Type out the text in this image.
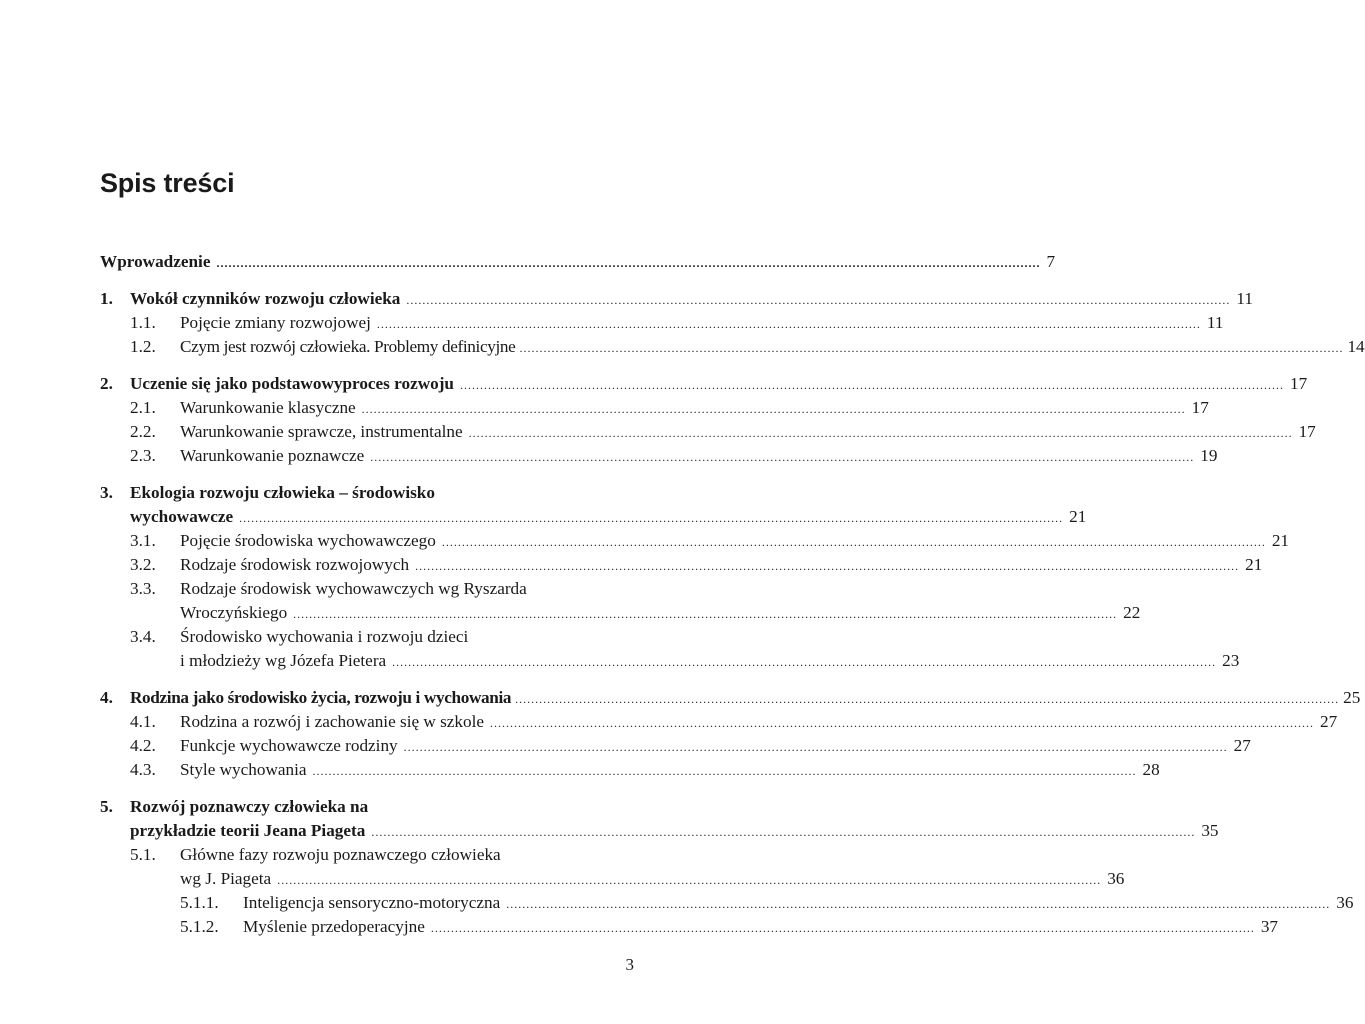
Spis treści
Wprowadzenie .....	7
1. Wokół czynników rozwoju człowieka .....	11
1.1.	Pojęcie zmiany rozwojowej .....	11
1.2.	Czym jest rozwój człowieka. Problemy definicyjne .....	14
2. Uczenie się jako podstawowyproces rozwoju .....	17
2.1.	Warunkowanie klasyczne .....	17
2.2.	Warunkowanie sprawcze, instrumentalne .....	17
2.3.	Warunkowanie poznawcze .....	19
3. Ekologia rozwoju człowieka – środowisko
wychowawcze .....	21
3.1.	Pojęcie środowiska wychowawczego .....	21
3.2.	Rodzaje środowisk rozwojowych .....	21
3.3.	Rodzaje środowisk wychowawczych wg Ryszarda
Wroczyńskiego .....	22
3.4.	Środowisko wychowania i rozwoju dzieci
i młodzieży wg Józefa Pietera .....	23
4. Rodzina jako środowisko życia, rozwoju i wychowania .....	25
4.1.	Rodzina a rozwój i zachowanie się w szkole .....	27
4.2.	Funkcje wychowawcze rodziny .....	27
4.3.	Style wychowania .....	28
5. Rozwój poznawczy człowieka na
przykładzie teorii Jeana Piageta .....	35
5.1.	Główne fazy rozwoju poznawczego człowieka
wg J. Piageta .....	36
5.1.1.	Inteligencja sensoryczno-motoryczna .....	36
5.1.2.	Myślenie przedoperacyjne .....	37
3
